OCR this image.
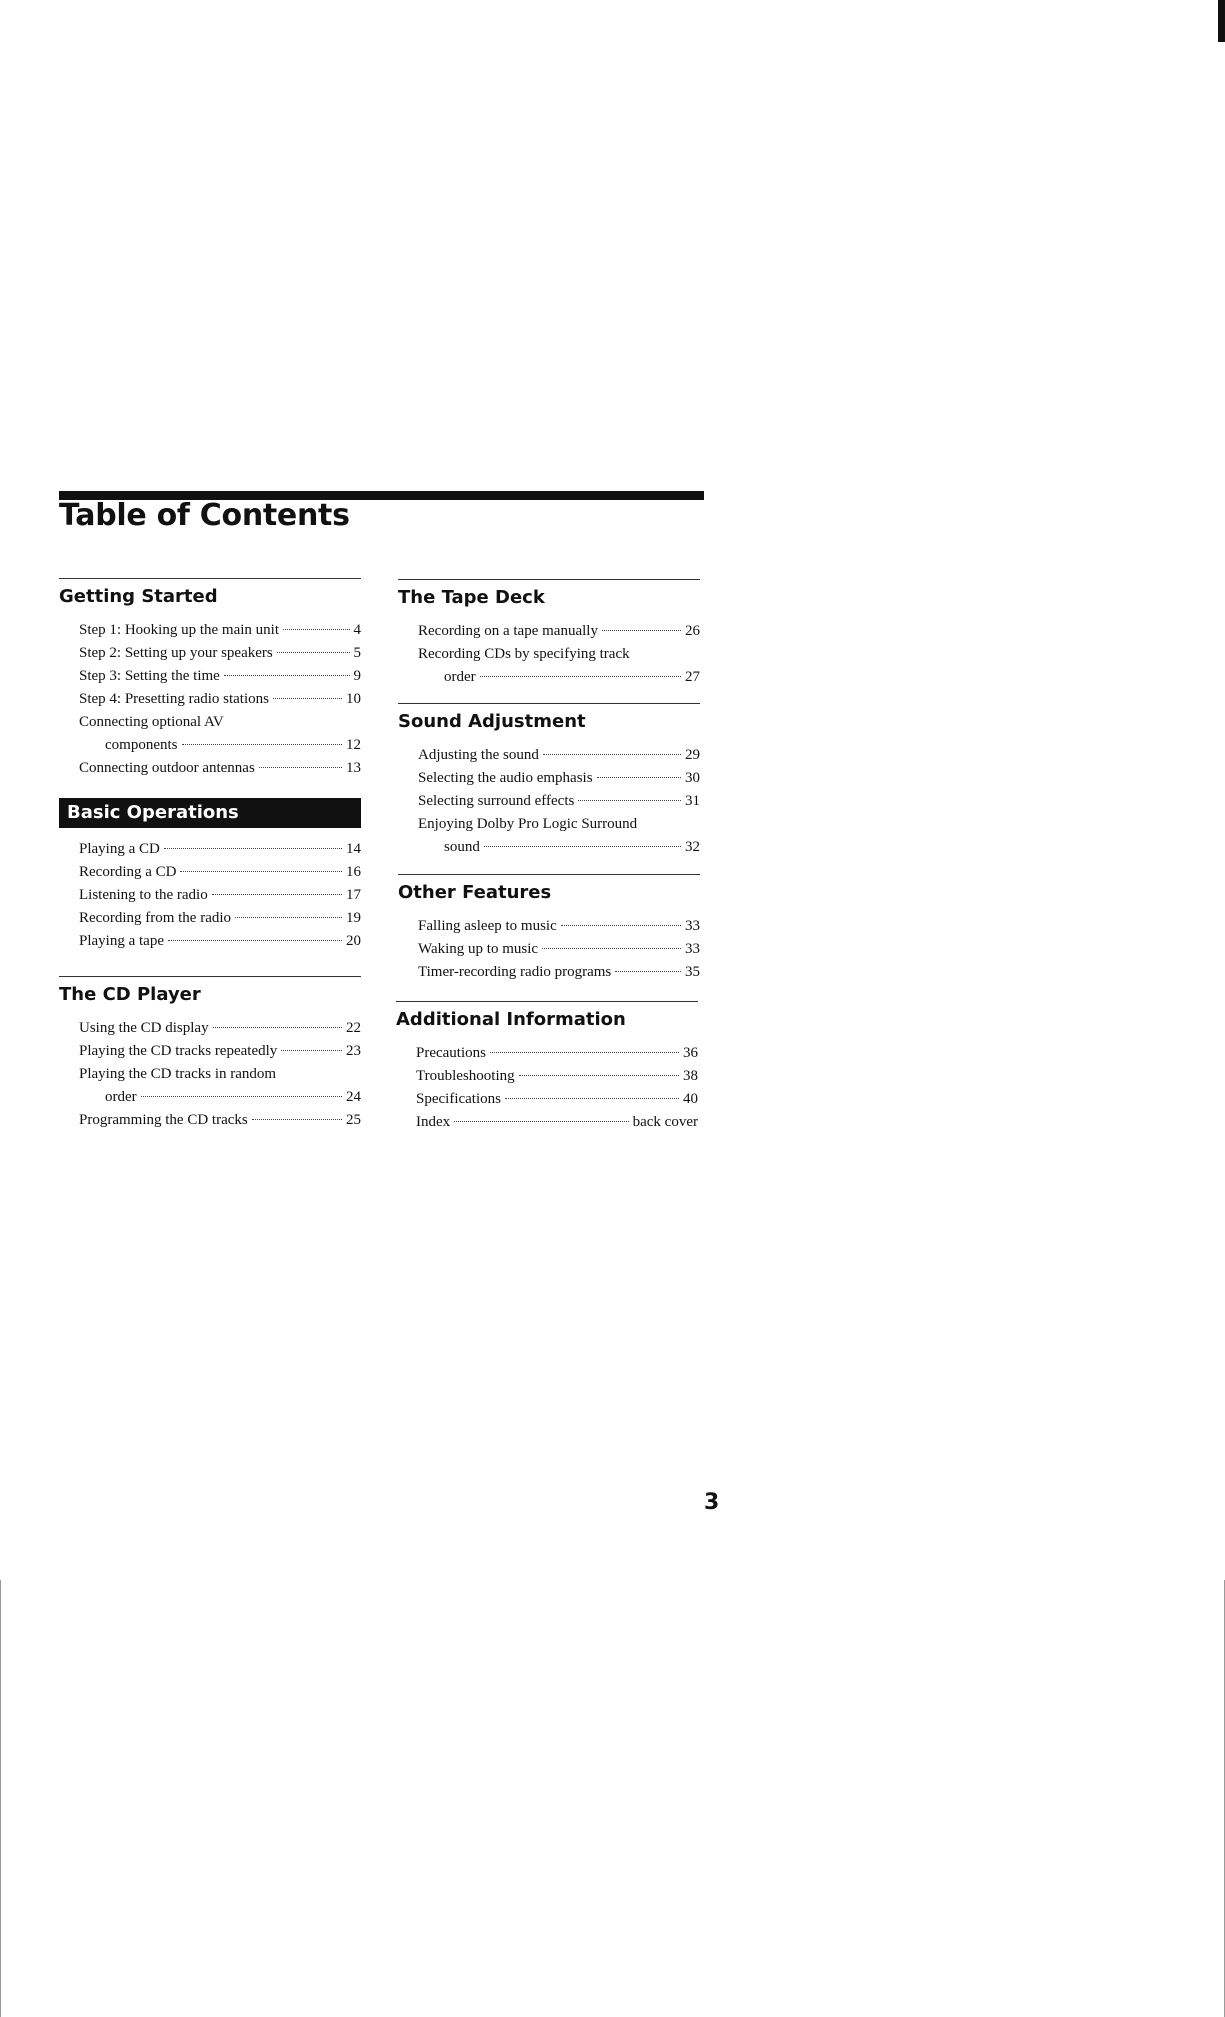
Table of Contents
Getting Started
Step 1: Hooking up the main unit	4
Step 2: Setting up your speakers	5
Step 3: Setting the time	9
Step 4: Presetting radio stations	10
Connecting optional AV
components	12
Connecting outdoor antennas	13
Basic Operations
Playing a CD	14
Recording a CD	16
Listening to the radio	17
Recording from the radio	19
Playing a tape	20
The CD Player
Using the CD display	22
Playing the CD tracks repeatedly	23
Playing the CD tracks in random
order	24
Programming the CD tracks	25
The Tape Deck
Recording on a tape manually	26
Recording CDs by specifying track
order	27
Sound Adjustment
Adjusting the sound	29
Selecting the audio emphasis	30
Selecting surround effects	31
Enjoying Dolby Pro Logic Surround
sound	32
Other Features
Falling asleep to music	33
Waking up to music	33
Timer-recording radio programs	35
Additional Information
Precautions	36
Troubleshooting	38
Specifications	40
Index	back cover
3
